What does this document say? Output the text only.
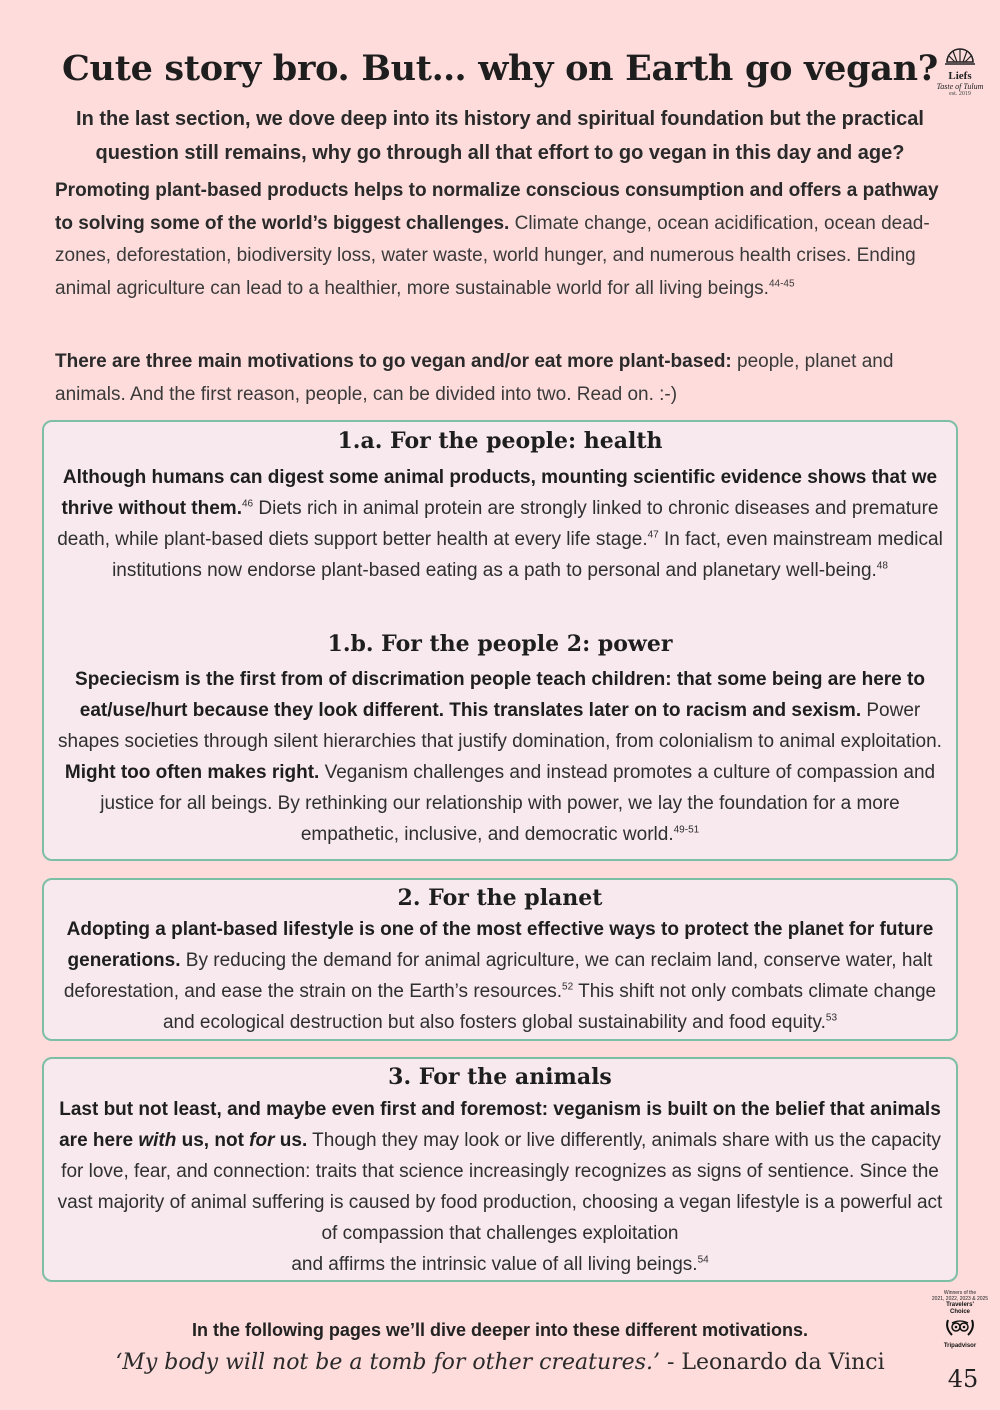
Cute story bro. But… why on Earth go vegan? Liefs
Taste of Tulum
est. 2019

In the last section, we dove deep into its history and spiritual foundation but the practical question still remains, why go through all that effort to go vegan in this day and age?

Promoting plant-based products helps to normalize conscious consumption and offers a pathway to solving some of the world’s biggest challenges. Climate change, ocean acidification, ocean dead-zones, deforestation, biodiversity loss, water waste, world hunger, and numerous health crises. Ending animal agriculture can lead to a healthier, more sustainable world for all living beings.$^{44-45}$

There are three main motivations to go vegan and/or eat more plant-based: people, planet and animals. And the first reason, people, can be divided into two. Read on. :-)

1.a. For the people: health

Although humans can digest some animal products, mounting scientific evidence shows that we thrive without them.$^{46}$ Diets rich in animal protein are strongly linked to chronic diseases and premature death, while plant-based diets support better health at every life stage.$^{47}$ In fact, even mainstream medical institutions now endorse plant-based eating as a path to personal and planetary well-being.$^{48}$

1.b. For the people 2: power

Speciecism is the first from of discrimation people teach children: that some being are here to eat/use/hurt because they look different. This translates later on to racism and sexism. Power shapes societies through silent hierarchies that justify domination, from colonialism to animal exploitation. Might too often makes right. Veganism challenges and instead promotes a culture of compassion and justice for all beings. By rethinking our relationship with power, we lay the foundation for a more empathetic, inclusive, and democratic world.$^{49-51}$

2. For the planet

Adopting a plant-based lifestyle is one of the most effective ways to protect the planet for future generations. By reducing the demand for animal agriculture, we can reclaim land, conserve water, halt deforestation, and ease the strain on the Earth’s resources.$^{52}$ This shift not only combats climate change and ecological destruction but also fosters global sustainability and food equity.$^{53}$

3. For the animals

Last but not least, and maybe even first and foremost: veganism is built on the belief that animals are here with us, not for us. Though they may look or live differently, animals share with us the capacity for love, fear, and connection: traits that science increasingly recognizes as signs of sentience. Since the vast majority of animal suffering is caused by food production, choosing a vegan lifestyle is a powerful act of compassion that challenges exploitation
and affirms the intrinsic value of all living beings.$^{54}$

Winners of the
2021, 2022, 2023 & 2025
Travelers'
Choice
Tripadvisor

In the following pages we’ll dive deeper into these different motivations.

‘My body will not be a tomb for other creatures.’ - Leonardo da Vinci

45
